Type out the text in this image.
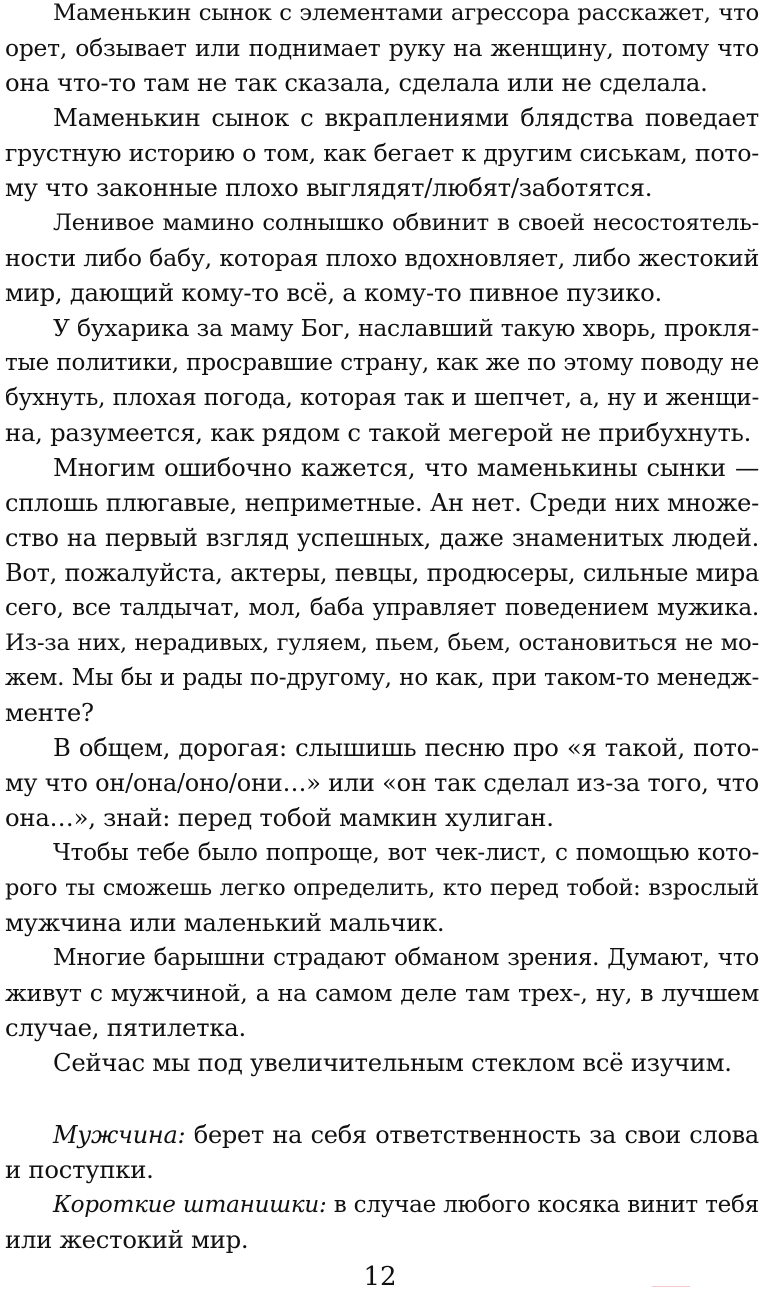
Маменькин сынок с элементами агрессора расскажет, что
орет, обзывает или поднимает руку на женщину, потому что
она что-то там не так сказала, сделала или не сделала.
Маменькин сынок с вкраплениями блядства поведает
грустную историю о том, как бегает к другим сиськам, пото-
му что законные плохо выглядят/любят/заботятся.
Ленивое мамино солнышко обвинит в своей несостоятель-
ности либо бабу, которая плохо вдохновляет, либо жестокий
мир, дающий кому-то всё, а кому-то пивное пузико.
У бухарика за маму Бог, наславший такую хворь, прокля-
тые политики, просравшие страну, как же по этому поводу не
бухнуть, плохая погода, которая так и шепчет, а, ну и женщи-
на, разумеется, как рядом с такой мегерой не прибухнуть.
Многим ошибочно кажется, что маменькины сынки —
сплошь плюгавые, неприметные. Ан нет. Среди них множе-
ство на первый взгляд успешных, даже знаменитых людей.
Вот, пожалуйста, актеры, певцы, продюсеры, сильные мира
сего, все талдычат, мол, баба управляет поведением мужика.
Из-за них, нерадивых, гуляем, пьем, бьем, остановиться не мо-
жем. Мы бы и рады по-другому, но как, при таком-то менедж-
менте?
В общем, дорогая: слышишь песню про «я такой, пото-
му что он/она/оно/они…» или «он так сделал из-за того, что
она…», знай: перед тобой мамкин хулиган.
Чтобы тебе было попроще, вот чек-лист, с помощью кото-
рого ты сможешь легко определить, кто перед тобой: взрослый
мужчина или маленький мальчик.
Многие барышни страдают обманом зрения. Думают, что
живут с мужчиной, а на самом деле там трех-, ну, в лучшем
случае, пятилетка.
Сейчас мы под увеличительным стеклом всё изучим.
Мужчина: берет на себя ответственность за свои слова
и поступки.
Короткие штанишки: в случае любого косяка винит тебя
или жестокий мир.
12
